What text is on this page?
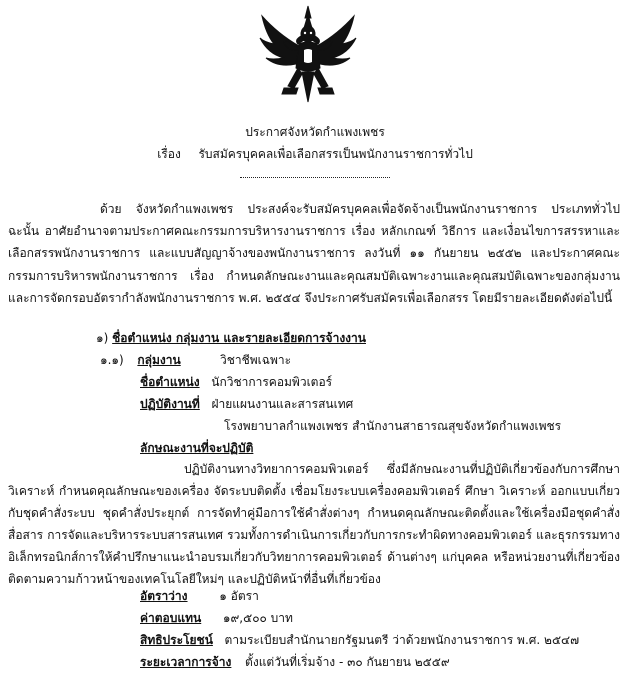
ประกาศจังหวัดกำแพงเพชร
เรื่อง รับสมัครบุคคลเพื่อเลือกสรรเป็นพนักงานราชการทั่วไป

ด้วย จังหวัดกำแพงเพชร ประสงค์จะรับสมัครบุคคลเพื่อจัดจ้างเป็นพนักงานราชการ ประเภททั่วไป ฉะนั้น อาศัยอำนาจตามประกาศคณะกรรมการบริหารงานราชการ เรื่อง หลักเกณฑ์ วิธีการ และเงื่อนไขการสรรหาและเลือกสรรพนักงานราชการ และแบบสัญญาจ้างของพนักงานราชการ ลงวันที่ ๑๑ กันยายน ๒๕๕๒ และประกาศคณะกรรมการบริหารพนักงานราชการ เรื่อง กำหนดลักษณะงานและคุณสมบัติเฉพาะงานและคุณสมบัติเฉพาะของกลุ่มงาน และการจัดกรอบอัตรากำลังพนักงานราชการ พ.ศ. ๒๕๕๔ จึงประกาศรับสมัครเพื่อเลือกสรร โดยมีรายละเอียดดังต่อไปนี้

๑) ชื่อตำแหน่ง กลุ่มงาน และรายละเอียดการจ้างงาน
๑.๑) กลุ่มงาน	วิชาชีพเฉพาะ
ชื่อตำแหน่ง นักวิชาการคอมพิวเตอร์
ปฏิบัติงานที่ ฝ่ายแผนงานและสารสนเทศ
โรงพยาบาลกำแพงเพชร สำนักงานสาธารณสุขจังหวัดกำแพงเพชร
ลักษณะงานที่จะปฏิบัติ

ปฏิบัติงานทางวิทยาการคอมพิวเตอร์ ซึ่งมีลักษณะงานที่ปฏิบัติเกี่ยวข้องกับการศึกษา วิเคราะห์ กำหนดคุณลักษณะของเครื่อง จัดระบบติดตั้ง เชื่อมโยงระบบเครื่องคอมพิวเตอร์ ศึกษา วิเคราะห์ ออกแบบเกี่ยวกับชุดคำสั่งระบบ ชุดคำสั่งประยุกต์ การจัดทำคู่มือการใช้คำสั่งต่างๆ กำหนดคุณลักษณะติดตั้งและใช้เครื่องมือชุดคำสั่งสื่อสาร การจัดและบริหารระบบสารสนเทศ รวมทั้งการดำเนินการเกี่ยวกับการกระทำผิดทางคอมพิวเตอร์ และธุรกรรมทางอิเล็กทรอนิกส์การให้คำปรึกษาแนะนำอบรมเกี่ยวกับวิทยาการคอมพิวเตอร์ ด้านต่างๆ แก่บุคคล หรือหน่วยงานที่เกี่ยวข้อง ติดตามความก้าวหน้าของเทคโนโลยีใหม่ๆ และปฏิบัติหน้าที่อื่นที่เกี่ยวข้อง

อัตราว่าง	๑ อัตรา
ค่าตอบแทน ๑๙,๕๐๐ บาท
สิทธิประโยชน์ ตามระเบียบสำนักนายกรัฐมนตรี ว่าด้วยพนักงานราชการ พ.ศ. ๒๕๔๗
ระยะเวลาการจ้าง ตั้งแต่วันที่เริ่มจ้าง - ๓๐ กันยายน ๒๕๕๙
